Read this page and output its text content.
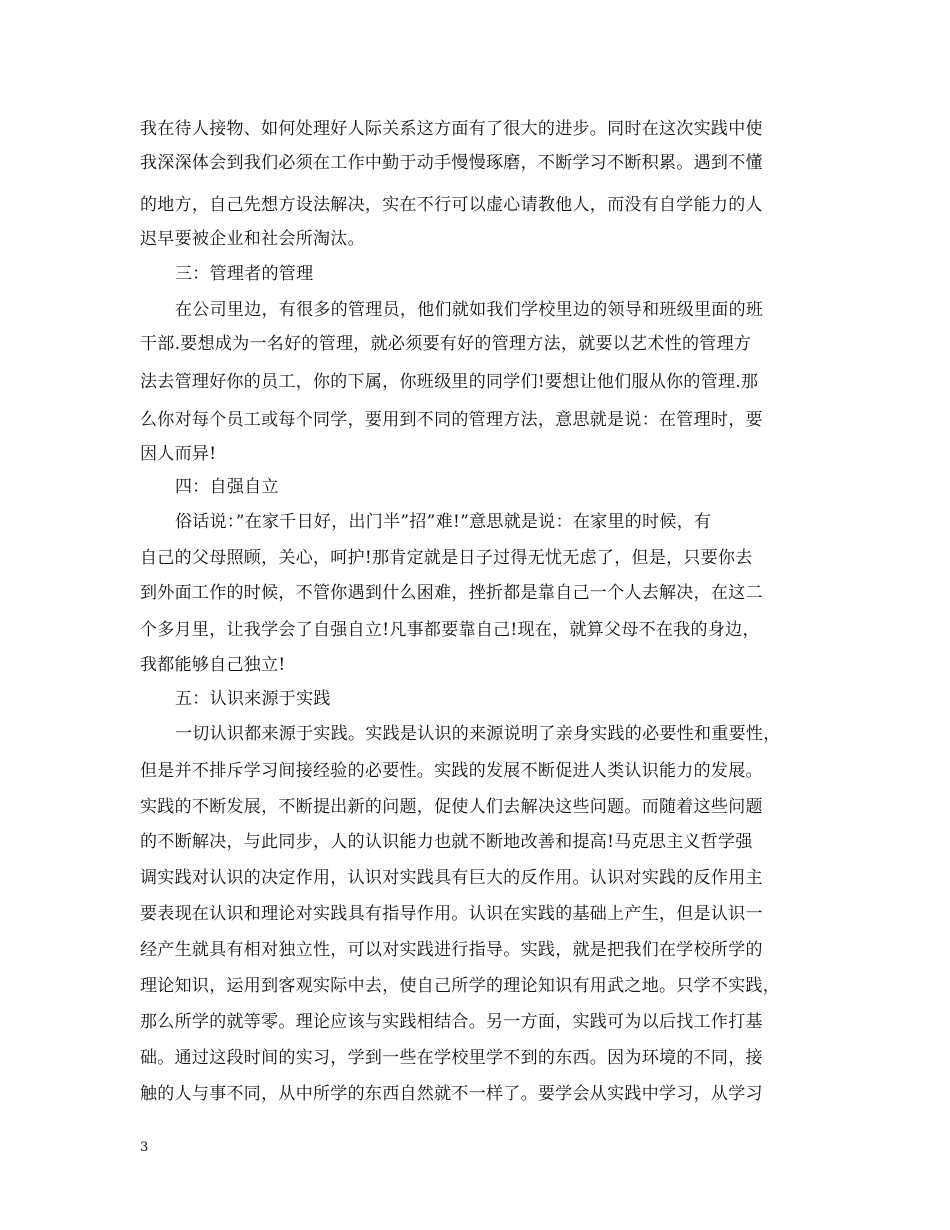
我在待人接物、如何处理好人际关系这方面有了很大的进步。同时在这次实践中使
我深深体会到我们必须在工作中勤于动手慢慢琢磨，不断学习不断积累。遇到不懂
的地方，自己先想方设法解决，实在不行可以虚心请教他人，而没有自学能力的人
迟早要被企业和社会所淘汰。
三：管理者的管理
在公司里边，有很多的管理员，他们就如我们学校里边的领导和班级里面的班
干部.要想成为一名好的管理，就必须要有好的管理方法，就要以艺术性的管理方
法去管理好你的员工，你的下属，你班级里的同学们!要想让他们服从你的管理.那
么你对每个员工或每个同学，要用到不同的管理方法，意思就是说：在管理时，要
因人而异!
四：自强自立
俗话说：”在家千日好，出门半”招”难!”意思就是说：在家里的时候，有
自己的父母照顾，关心，呵护!那肯定就是日子过得无忧无虑了，但是，只要你去
到外面工作的时候，不管你遇到什么困难，挫折都是靠自己一个人去解决，在这二
个多月里，让我学会了自强自立!凡事都要靠自己!现在，就算父母不在我的身边，
我都能够自己独立!
五：认识来源于实践
一切认识都来源于实践。实践是认识的来源说明了亲身实践的必要性和重要性，
但是并不排斥学习间接经验的必要性。实践的发展不断促进人类认识能力的发展。
实践的不断发展，不断提出新的问题，促使人们去解决这些问题。而随着这些问题
的不断解决，与此同步，人的认识能力也就不断地改善和提高!马克思主义哲学强
调实践对认识的决定作用，认识对实践具有巨大的反作用。认识对实践的反作用主
要表现在认识和理论对实践具有指导作用。认识在实践的基础上产生，但是认识一
经产生就具有相对独立性，可以对实践进行指导。实践，就是把我们在学校所学的
理论知识，运用到客观实际中去，使自己所学的理论知识有用武之地。只学不实践，
那么所学的就等零。理论应该与实践相结合。另一方面，实践可为以后找工作打基
础。通过这段时间的实习，学到一些在学校里学不到的东西。因为环境的不同，接
触的人与事不同，从中所学的东西自然就不一样了。要学会从实践中学习，从学习
3
